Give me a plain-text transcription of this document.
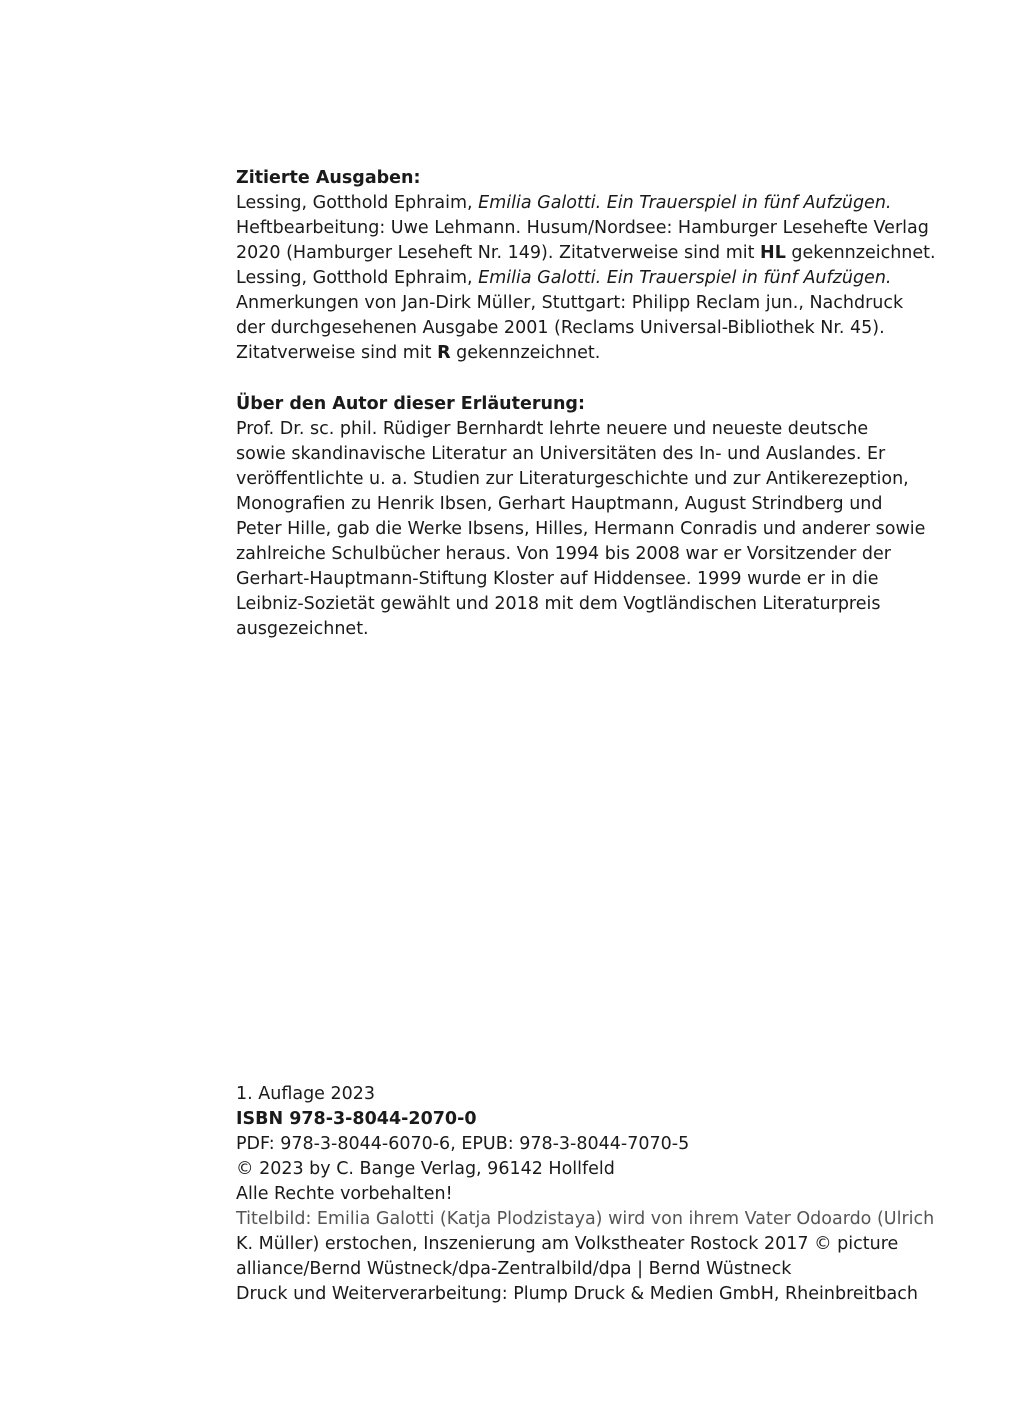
Zitierte Ausgaben:
Lessing, Gotthold Ephraim, Emilia Galotti. Ein Trauerspiel in fünf Aufzügen.
Heftbearbeitung: Uwe Lehmann. Husum/Nordsee: Hamburger Lesehefte Verlag
2020 (Hamburger Leseheft Nr. 149). Zitatverweise sind mit HL gekennzeichnet.
Lessing, Gotthold Ephraim, Emilia Galotti. Ein Trauerspiel in fünf Aufzügen.
Anmerkungen von Jan-Dirk Müller, Stuttgart: Philipp Reclam jun., Nachdruck
der durchgesehenen Ausgabe 2001 (Reclams Universal-Bibliothek Nr. 45).
Zitatverweise sind mit R gekennzeichnet.
Über den Autor dieser Erläuterung:
Prof. Dr. sc. phil. Rüdiger Bernhardt lehrte neuere und neueste deutsche
sowie skandinavische Literatur an Universitäten des In- und Auslandes. Er
veröffentlichte u. a. Studien zur Literaturgeschichte und zur Antikerezeption,
Monografien zu Henrik Ibsen, Gerhart Hauptmann, August Strindberg und
Peter Hille, gab die Werke Ibsens, Hilles, Hermann Conradis und anderer sowie
zahlreiche Schulbücher heraus. Von 1994 bis 2008 war er Vorsitzender der
Gerhart-Hauptmann-Stiftung Kloster auf Hiddensee. 1999 wurde er in die
Leibniz-Sozietät gewählt und 2018 mit dem Vogtländischen Literaturpreis
ausgezeichnet.
1. Auflage 2023
ISBN 978-3-8044-2070-0
PDF: 978-3-8044-6070-6, EPUB: 978-3-8044-7070-5
© 2023 by C. Bange Verlag, 96142 Hollfeld
Alle Rechte vorbehalten!
Titelbild: Emilia Galotti (Katja Plodzistaya) wird von ihrem Vater Odoardo (Ulrich
K. Müller) erstochen, Inszenierung am Volkstheater Rostock 2017 © picture
alliance/Bernd Wüstneck/dpa-Zentralbild/dpa | Bernd Wüstneck
Druck und Weiterverarbeitung: Plump Druck & Medien GmbH, Rheinbreitbach
